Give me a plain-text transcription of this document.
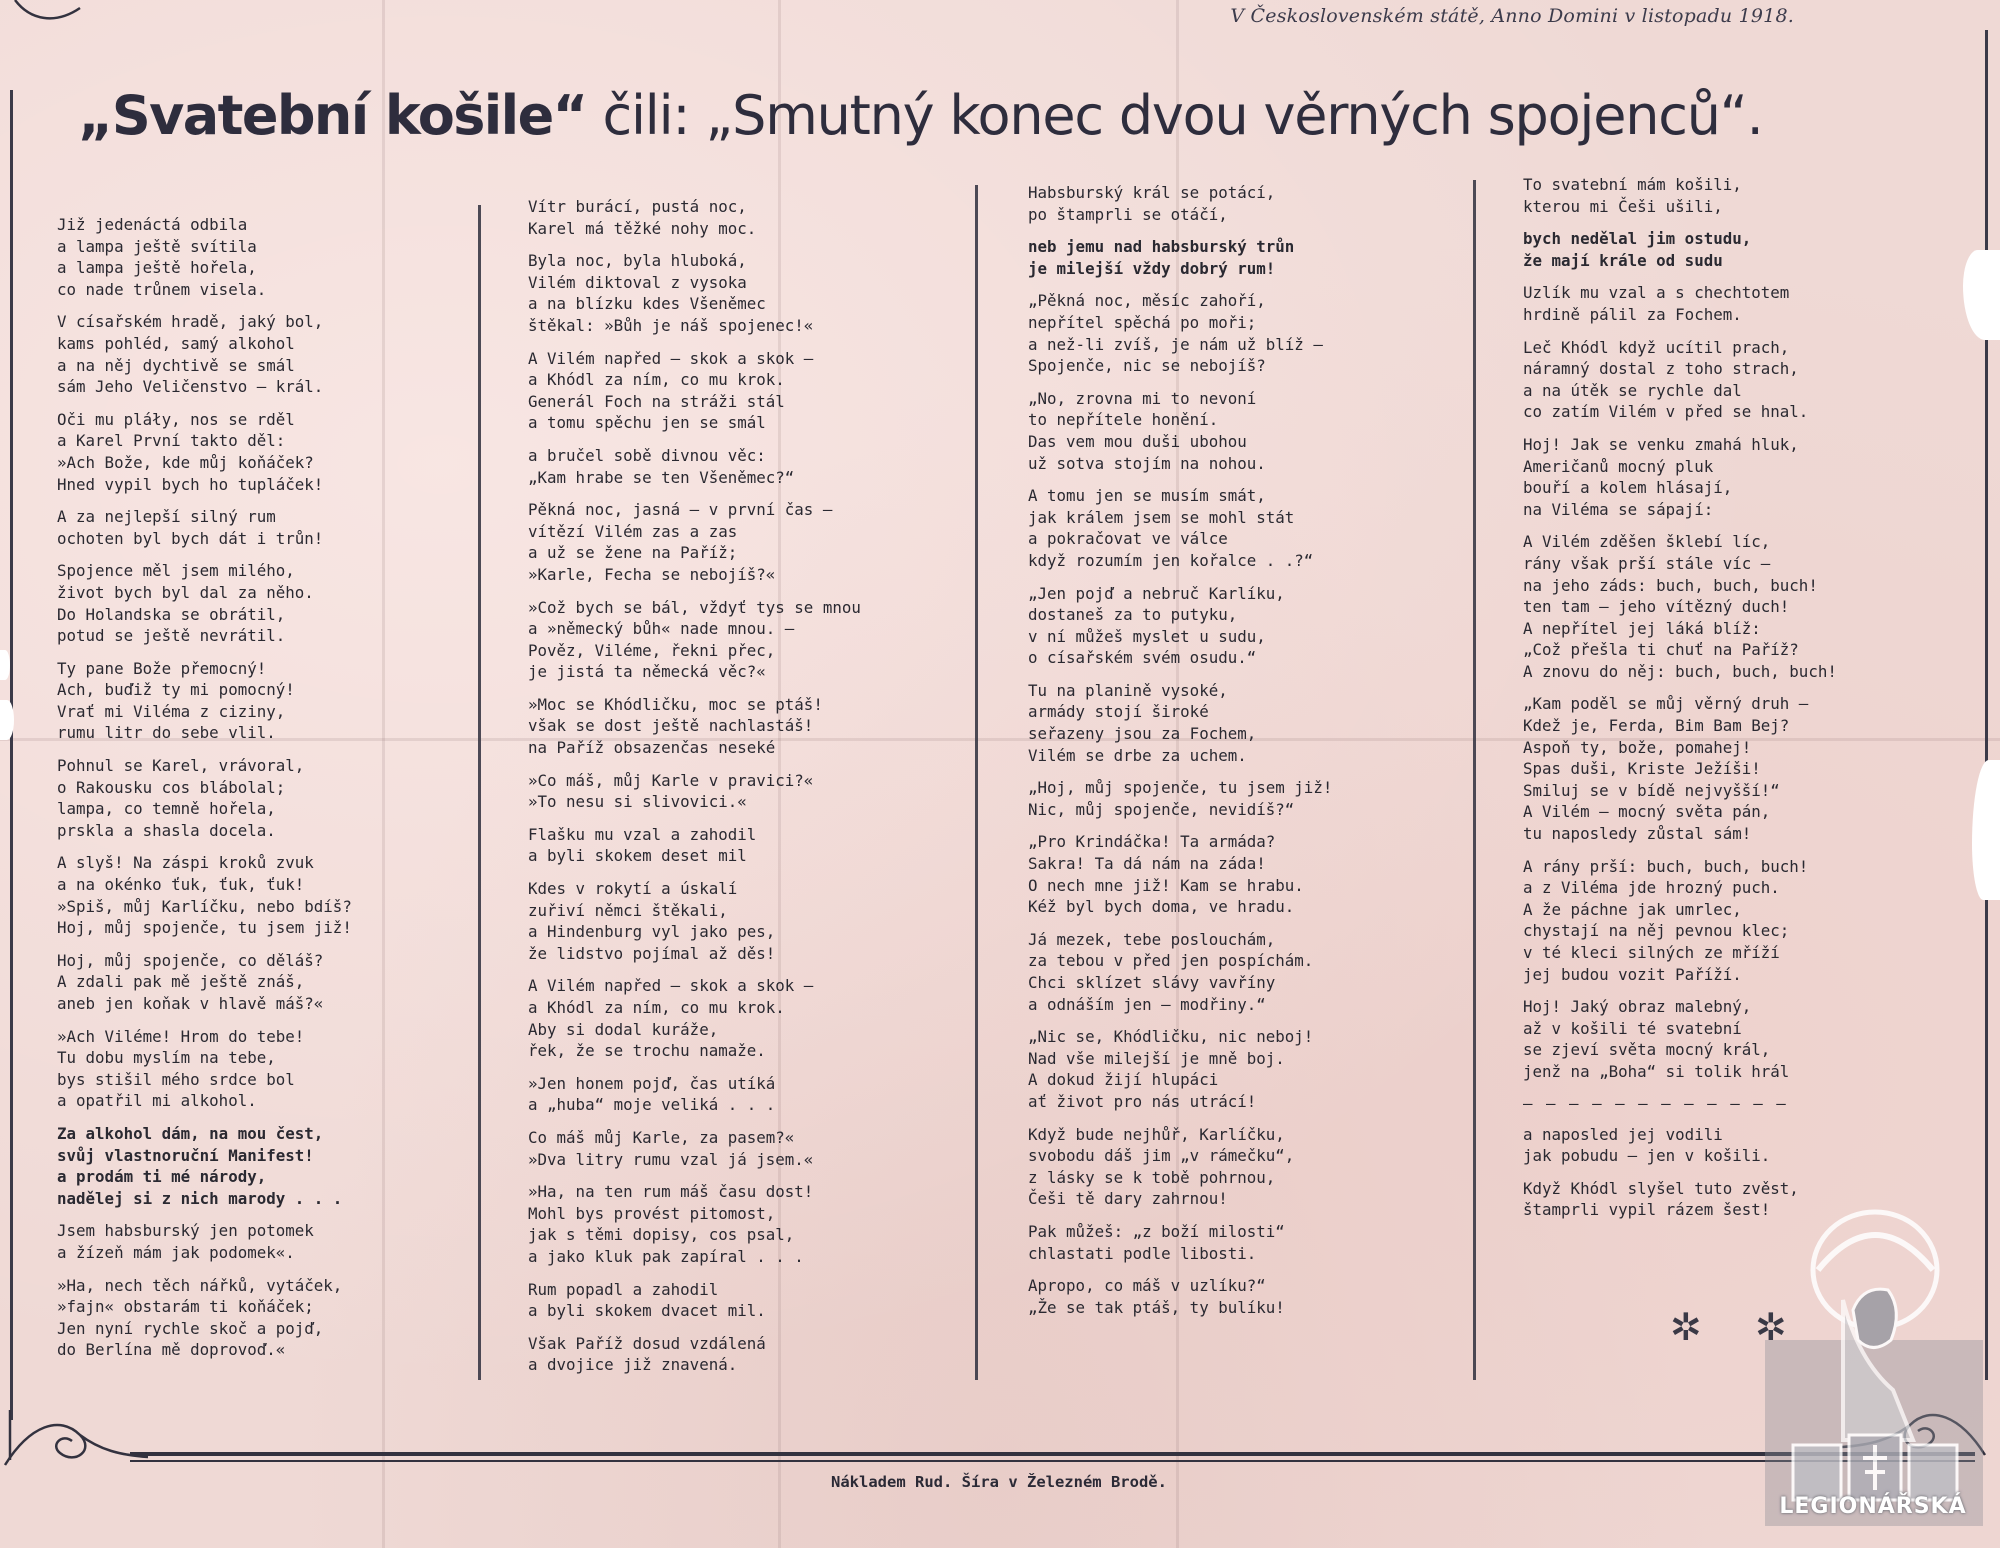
V Československém státě, Anno Domini v listopadu 1918.

„Svatební košile“ čili: „Smutný konec dvou věrných spojenců“.
Již jedenáctá odbila
a lampa ještě svítila
a lampa ještě hořela,
co nade trůnem visela.
V císařském hradě, jaký bol,
kams pohléd, samý alkohol
a na něj dychtivě se smál
sám Jeho Veličenstvo — král.
Oči mu pláły, nos se rděl
a Karel První takto děl:
»Ach Bože, kde můj koňáček?
Hned vypil bych ho tupláček!
A za nejlepší silný rum
ochoten byl bych dát i trůn!
Spojence měl jsem milého,
život bych byl dal za něho.
Do Holandska se obrátil,
potud se ještě nevrátil.
Ty pane Bože přemocný!
Ach, buďiž ty mi pomocný!
Vrať mi Viléma z ciziny,
rumu litr do sebe vlil.
Pohnul se Karel, vrávoral,
o Rakousku cos blábolal;
lampa, co temně hořela,
prskla a shasla docela.
A slyš! Na záspi kroků zvuk
a na okénko ťuk, ťuk, ťuk!
»Spiš, můj Karlíčku, nebo bdíš?
Hoj, můj spojenče, tu jsem již!
Hoj, můj spojenče, co děláš?
A zdali pak mě ještě znáš,
aneb jen koňak v hlavě máš?«
»Ach Viléme! Hrom do tebe!
Tu dobu myslím na tebe,
bys stišil mého srdce bol
a opatřil mi alkohol.
Za alkohol dám, na mou čest,
svůj vlastnoruční Manifest!
a prodám ti mé národy,
nadělej si z nich marody . . .
Jsem habsburský jen potomek
a žízeň mám jak podomek«.
»Ha, nech těch nářků, vytáček,
»fajn« obstarám ti koňáček;
Jen nyní rychle skoč a pojď,
do Berlína mě doprovoď.«
Vítr burácí, pustá noc,
Karel má těžké nohy moc.
Byla noc, byla hluboká,
Vilém diktoval z vysoka
a na blízku kdes Všeněmec
štěkal: »Bůh je náš spojenec!«
A Vilém napřed — skok a skok —
a Khódl za ním, co mu krok.
Generál Foch na stráži stál
a tomu spěchu jen se smál
a bručel sobě divnou věc:
„Kam hrabe se ten Všeněmec?“
Pěkná noc, jasná — v první čas —
vítězí Vilém zas a zas
a už se žene na Paříž;
»Karle, Fecha se nebojíš?«
»Což bych se bál, vždyť tys se mnou
a »německý bůh« nade mnou. —
Pověz, Viléme, řekni přec,
je jistá ta německá věc?«
»Moc se Khódličku, moc se ptáš!
však se dost ještě nachlastáš!
na Paříž obsazenčas neseké
»Co máš, můj Karle v pravici?«
»To nesu si slivovici.«
Flašku mu vzal a zahodil
a byli skokem deset mil
Kdes v rokytí a úskalí
zuřiví němci štěkali,
a Hindenburg vyl jako pes,
že lidstvo pojímal až děs!
A Vilém napřed — skok a skok —
a Khódl za ním, co mu krok.
Aby si dodal kuráže,
řek, že se trochu namaže.
»Jen honem pojď, čas utíká
a „huba“ moje veliká . . .
Co máš můj Karle, za pasem?«
»Dva litry rumu vzal já jsem.«
»Ha, na ten rum máš času dost!
Mohl bys provést pitomost,
jak s těmi dopisy, cos psal,
a jako kluk pak zapíral . . .
Rum popadl a zahodil
a byli skokem dvacet mil.
Však Paříž dosud vzdálená
a dvojice již znavená.
Habsburský král se potácí,
po štamprli se otáčí,
neb jemu nad habsburský trůn
je milejší vždy dobrý rum!
„Pěkná noc, měsíc zahoří,
nepřítel spěchá po moři;
a než-li zvíš, je nám už blíž —
Spojenče, nic se nebojíš?
„No, zrovna mi to nevoní
to nepřítele honění.
Das vem mou duši ubohou
už sotva stojím na nohou.
A tomu jen se musím smát,
jak králem jsem se mohl stát
a pokračovat ve válce
když rozumím jen kořalce . .?“
„Jen pojď a nebruč Karlíku,
dostaneš za to putyku,
v ní můžeš myslet u sudu,
o císařském svém osudu.“
Tu na planině vysoké,
armády stojí široké
seřazeny jsou za Fochem,
Vilém se drbe za uchem.
„Hoj, můj spojenče, tu jsem již!
Nic, můj spojenče, nevidíš?“
„Pro Krindáčka! Ta armáda?
Sakra! Ta dá nám na záda!
O nech mne již! Kam se hrabu.
Kéž byl bych doma, ve hradu.
Já mezek, tebe poslouchám,
za tebou v před jen pospíchám.
Chci sklízet slávy vavříny
a odnáším jen — modřiny.“
„Nic se, Khódličku, nic neboj!
Nad vše milejší je mně boj.
A dokud žijí hlupáci
ať život pro nás utrácí!
Když bude nejhůř, Karlíčku,
svobodu dáš jim „v rámečku“,
z lásky se k tobě pohrnou,
Češi tě dary zahrnou!
Pak můžeš: „z boží milosti“
chlastati podle libosti.
Apropo, co máš v uzlíku?“
„Že se tak ptáš, ty bulíku!
To svatební mám košili,
kterou mi Češi ušili,
bych nedělal jim ostudu,
že mají krále od sudu
Uzlík mu vzal a s chechtotem
hrdině pálil za Fochem.
Leč Khódl když ucítil prach,
náramný dostal z toho strach,
a na útěk se rychle dal
co zatím Vilém v před se hnal.
Hoj! Jak se venku zmahá hluk,
Američanů mocný pluk
bouří a kolem hlásají,
na Viléma se sápají:
A Vilém zděšen šklebí líc,
rány však prší stále víc —
na jeho záds: buch, buch, buch!
ten tam — jeho vítězný duch!
A nepřítel jej láká blíž:
„Což přešla ti chuť na Paříž?
A znovu do něj: buch, buch, buch!
„Kam poděl se můj věrný druh —
Kdež je, Ferda, Bim Bam Bej?
Aspoň ty, bože, pomahej!
Spas duši, Kriste Ježíši!
Smiluj se v bídě nejvyšší!“
A Vilém — mocný světa pán,
tu naposledy zůstal sám!
A rány prší: buch, buch, buch!
a z Viléma jde hrozný puch.
A že páchne jak umrlec,
chystají na něj pevnou klec;
v té kleci silných ze mříží
jej budou vozit Paříží.
Hoj! Jaký obraz malebný,
až v košili té svatební
se zjeví světa mocný král,
jenž na „Boha“ si tolik hrál
— — — — — — — — — — — —
a naposled jej vodili
jak pobudu — jen v košili.
Když Khódl slyšel tuto zvěst,
štamprli vypil rázem šest!
✲ ✲

Nákladem Rud. Šíra v Železném Brodě.

LEGIONÁŘSKÁ
